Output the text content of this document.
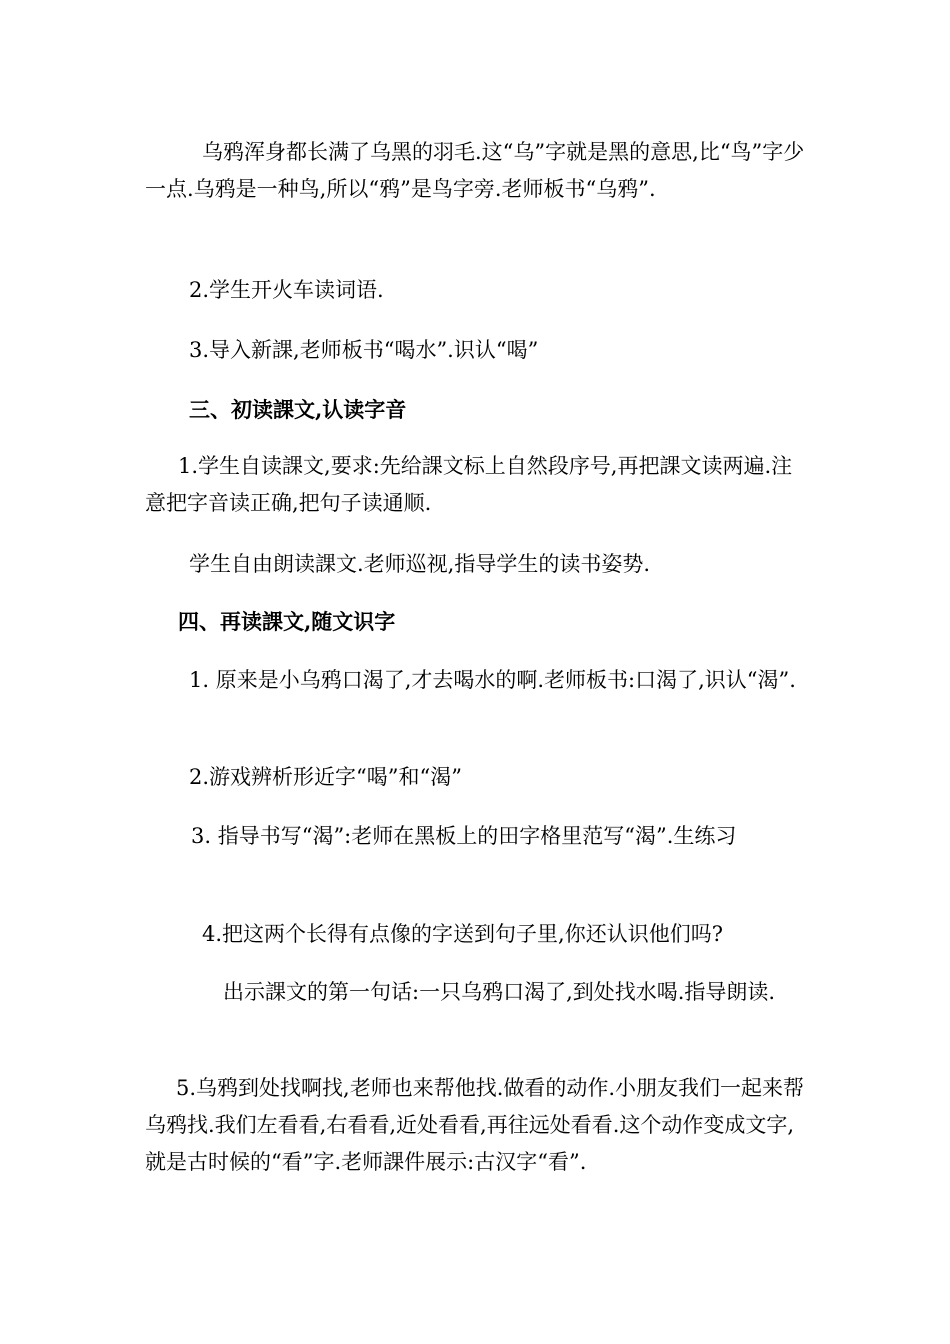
乌鸦浑身都长满了乌黑的羽毛.这“乌”字就是黑的意思,比“鸟”字少一点.乌鸦是一种鸟,所以“鸦”是鸟字旁.老师板书“乌鸦”.

2.学生开火车读词语.

3.导入新課,老师板书“喝水”.识认“喝”

三、初读課文,认读字音

1.学生自读課文,要求:先给課文标上自然段序号,再把課文读两遍.注意把字音读正确,把句子读通顺.

学生自由朗读課文.老师巡视,指导学生的读书姿势.

四、再读課文,随文识字

1. 原来是小乌鸦口渴了,才去喝水的啊.老师板书:口渴了,识认“渴”.

2.游戏辨析形近字“喝”和“渴”

3. 指导书写“渴”:老师在黑板上的田字格里范写“渴”.生练习

4.把这两个长得有点像的字送到句子里,你还认识他们吗?

出示課文的第一句话:一只乌鸦口渴了,到处找水喝.指导朗读.

5.乌鸦到处找啊找,老师也来帮他找.做看的动作.小朋友我们一起来帮乌鸦找.我们左看看,右看看,近处看看,再往远处看看.这个动作变成文字,就是古时候的“看”字.老师課件展示:古汉字“看”.
